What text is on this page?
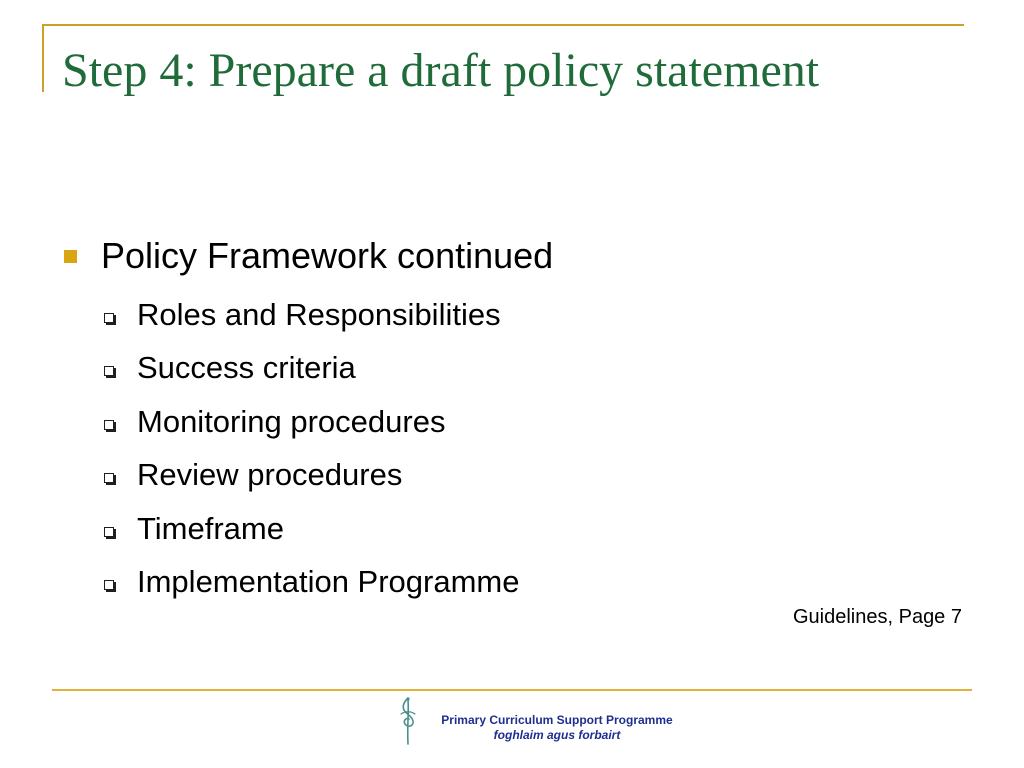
Step 4: Prepare a draft policy statement
Policy Framework continued
Roles and Responsibilities
Success criteria
Monitoring procedures
Review procedures
Timeframe
Implementation Programme
Guidelines, Page 7
Primary Curriculum Support Programme
foghlaim agus forbairt
